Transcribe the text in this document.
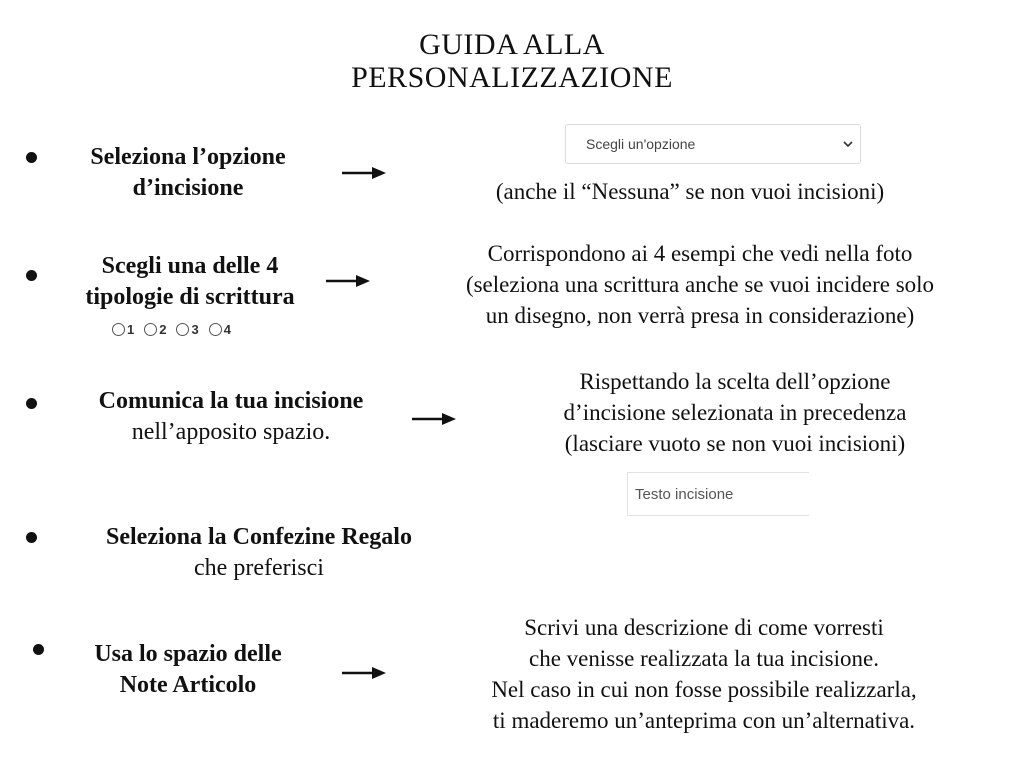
GUIDA ALLA
PERSONALIZZAZIONE
Seleziona l’opzione d’incisione
Scegli un'opzione
(anche il “Nessuna” se non vuoi incisioni)
Scegli una delle 4
tipologie di scrittura
1 2 3 4
Corrispondono ai 4 esempi che vedi nella foto
(seleziona una scrittura anche se vuoi incidere solo
un disegno, non verrà presa in considerazione)
Comunica la tua incisione
nell’apposito spazio.
Rispettando la scelta dell’opzione
d’incisione selezionata in precedenza
(lasciare vuoto se non vuoi incisioni)
Testo incisione
Seleziona la Confezine Regalo
che preferisci
Usa lo spazio delle
Note Articolo
Scrivi una descrizione di come vorresti
che venisse realizzata la tua incisione.
Nel caso in cui non fosse possibile realizzarla,
ti maderemo un’anteprima con un’alternativa.
